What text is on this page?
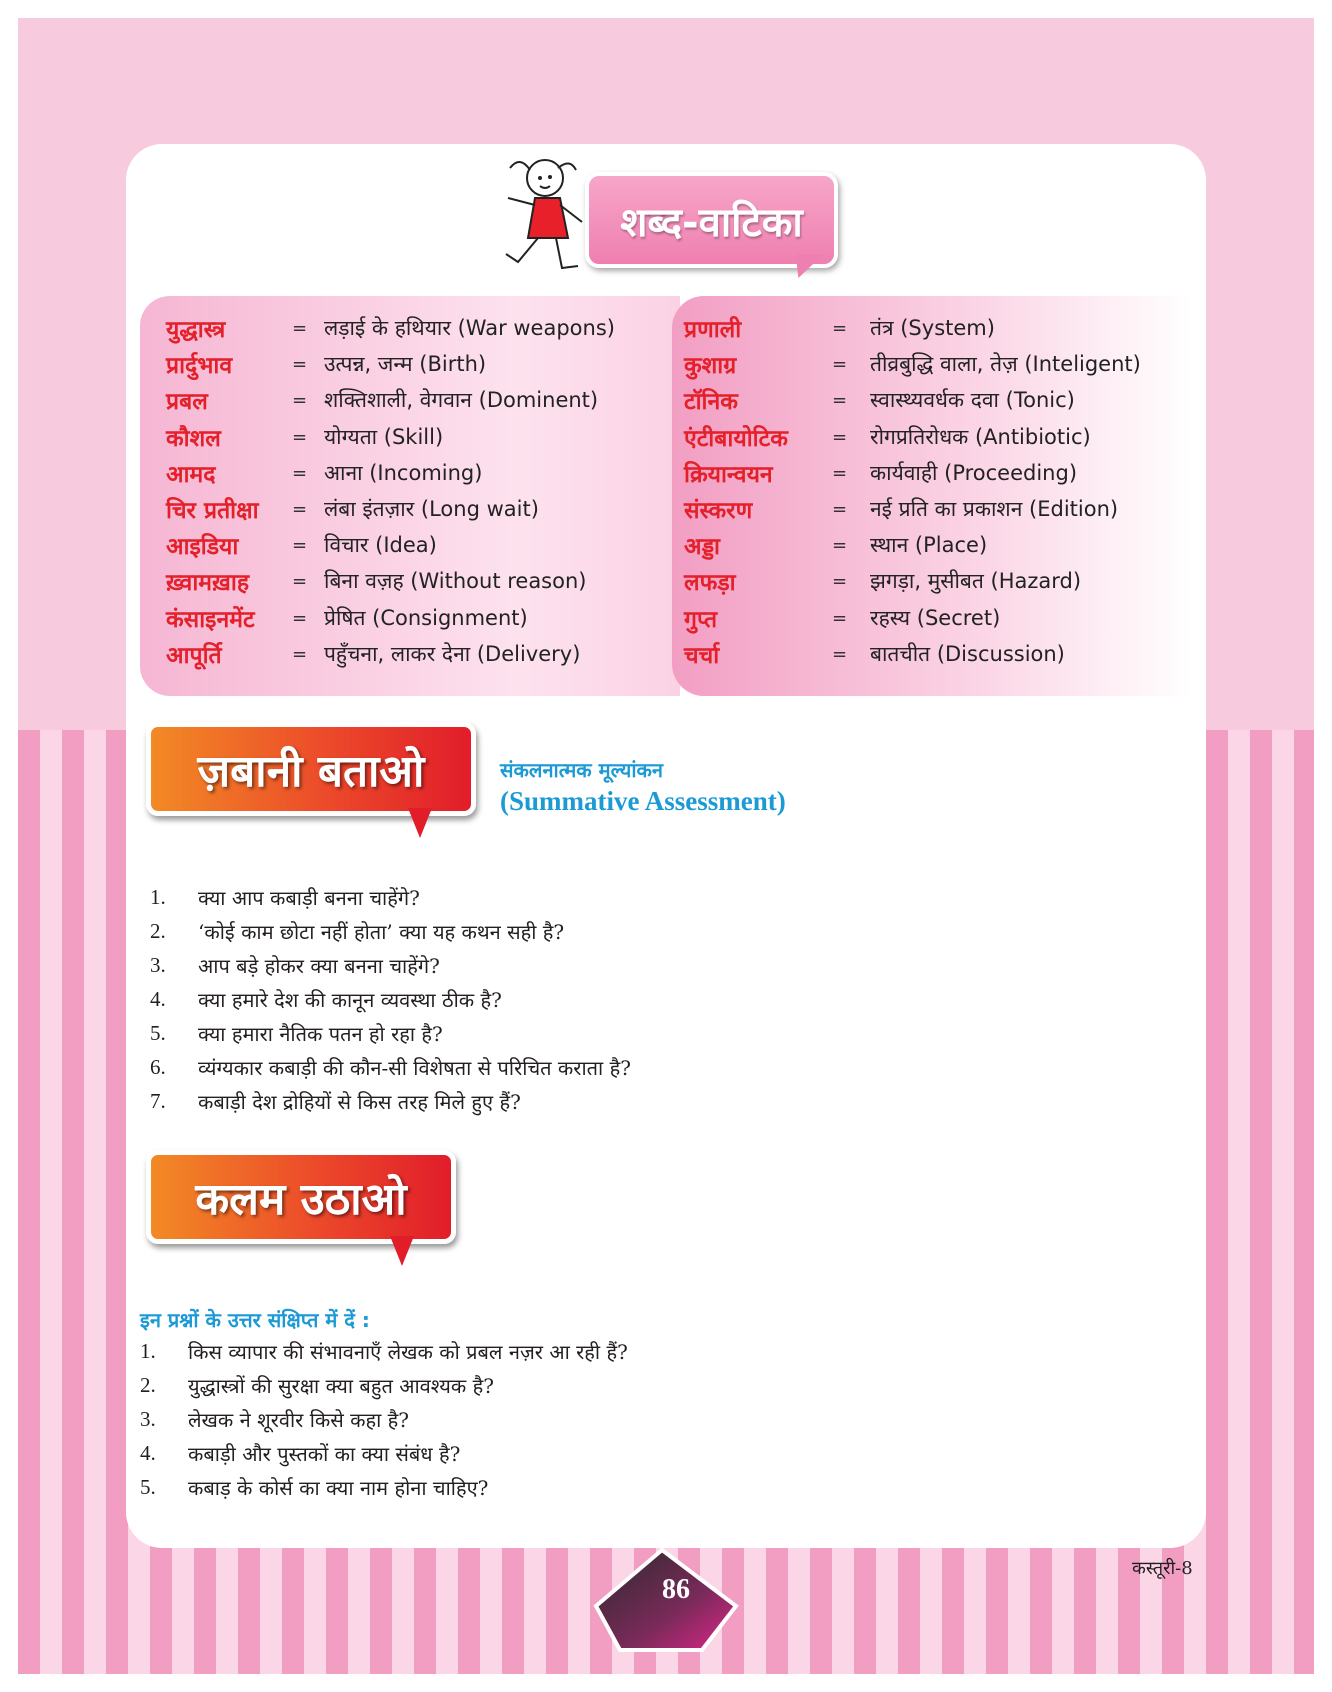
शब्द-वाटिका
युद्धास्त्र	= लड़ाई के हथियार (War weapons)
प्रार्दुभाव	= उत्पन्न, जन्म (Birth)
प्रबल	= शक्तिशाली, वेगवान (Dominent)
कौशल	= योग्यता (Skill)
आमद	= आना (Incoming)
चिर प्रतीक्षा = लंबा इंतज़ार (Long wait)
आइडिया	= विचार (Idea)
ख़्वामख़ाह = बिना वज़ह (Without reason)
कंसाइनमेंट = प्रेषित (Consignment)
आपूर्ति	= पहुँचना, लाकर देना (Delivery)
प्रणाली	= तंत्र (System)
कुशाग्र	= तीव्रबुद्धि वाला, तेज़ (Inteligent)
टॉनिक	= स्वास्थ्यवर्धक दवा (Tonic)
एंटीबायोटिक = रोगप्रतिरोधक (Antibiotic)
क्रियान्वयन	= कार्यवाही (Proceeding)
संस्करण	= नई प्रति का प्रकाशन (Edition)
अड्डा	= स्थान (Place)
लफड़ा	= झगड़ा, मुसीबत (Hazard)
गुप्त	= रहस्य (Secret)
चर्चा	= बातचीत (Discussion)
ज़बानी बताओ	संकलनात्मक मूल्यांकन
(Summative Assessment)
1.	क्या आप कबाड़ी बनना चाहेंगे?
2.	‘कोई काम छोटा नहीं होता’ क्या यह कथन सही है?
3.	आप बड़े होकर क्या बनना चाहेंगे?
4.	क्या हमारे देश की कानून व्यवस्था ठीक है?
5.	क्या हमारा नैतिक पतन हो रहा है?
6.	व्यंग्यकार कबाड़ी की कौन-सी विशेषता से परिचित कराता है?
7.	कबाड़ी देश द्रोहियों से किस तरह मिले हुए हैं?
कलम उठाओ
इन प्रश्नों के उत्तर संक्षिप्त में दें :
1.	किस व्यापार की संभावनाएँ लेखक को प्रबल नज़र आ रही हैं?
2.	युद्धास्त्रों की सुरक्षा क्या बहुत आवश्यक है?
3.	लेखक ने शूरवीर किसे कहा है?
4.	कबाड़ी और पुस्तकों का क्या संबंध है?
5.	कबाड़ के कोर्स का क्या नाम होना चाहिए?
86
कस्तूरी-8
